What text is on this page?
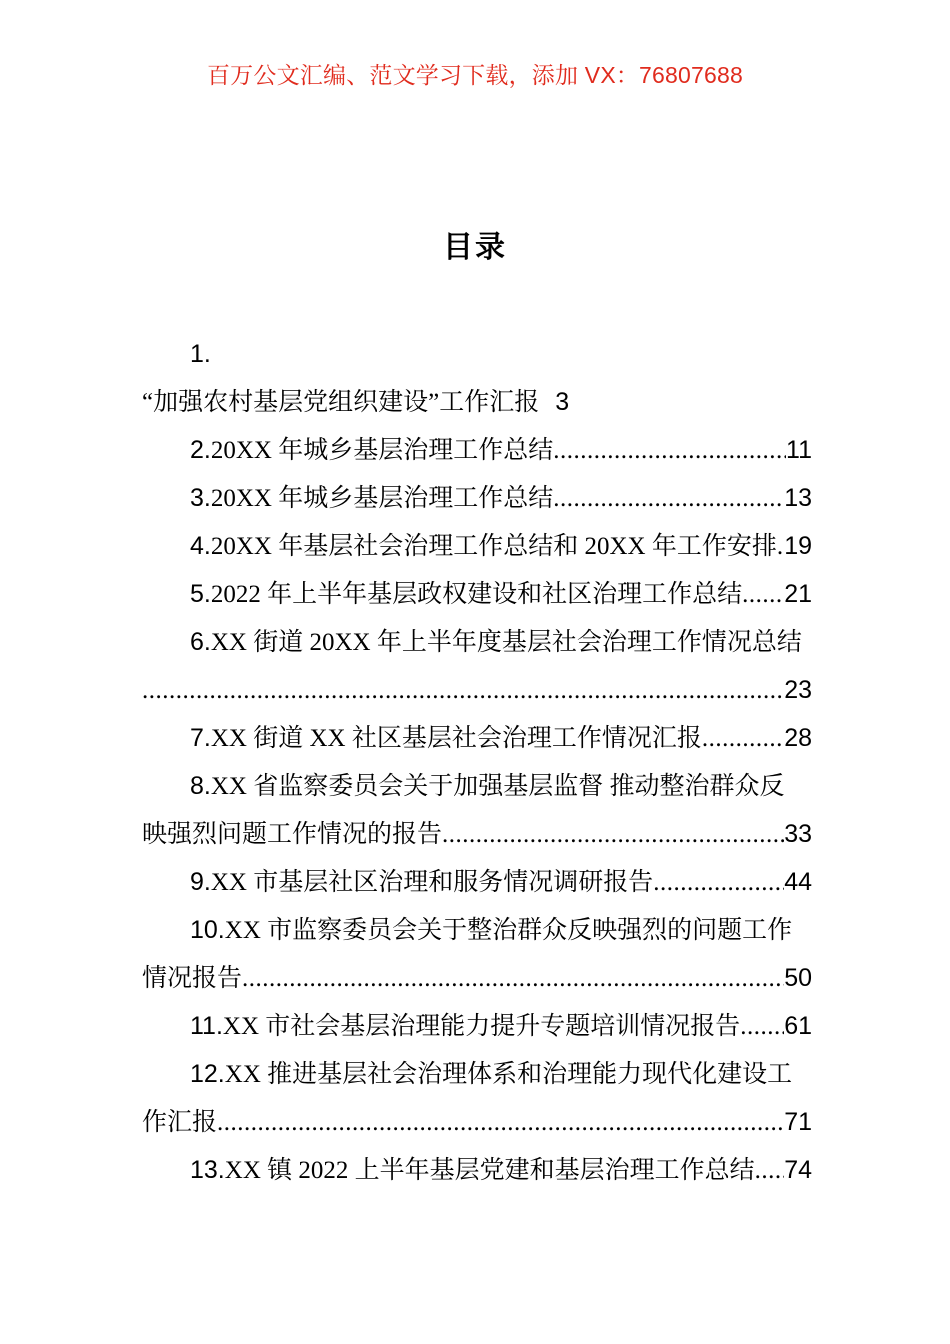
百万公文汇编、范文学习下载，添加 VX：76807688
目录
1.
“加强农村基层党组织建设”工作汇报 3
2.20XX 年城乡基层治理工作总结 .....	11
3.20XX 年城乡基层治理工作总结 .....	13
4.20XX 年基层社会治理工作总结和 20XX 年工作安排 ..... 19
5.2022 年上半年基层政权建设和社区治理工作总结 ..... 21
6.XX 街道 20XX 年上半年度基层社会治理工作情况总结
.....
23
7.XX 街道 XX 社区基层社会治理工作情况汇报 .....	28
8.XX 省监察委员会关于加强基层监督 推动整治群众反
映强烈问题工作情况的报告 .....	33
9.XX 市基层社区治理和服务情况调研报告 .....	44
10.XX 市监察委员会关于整治群众反映强烈的问题工作
情况报告 .....	50
11.XX 市社会基层治理能力提升专题培训情况报告 ..... 61
12.XX 推进基层社会治理体系和治理能力现代化建设工
作汇报 .....	71
13.XX 镇 2022 上半年基层党建和基层治理工作总结 ..... 74
